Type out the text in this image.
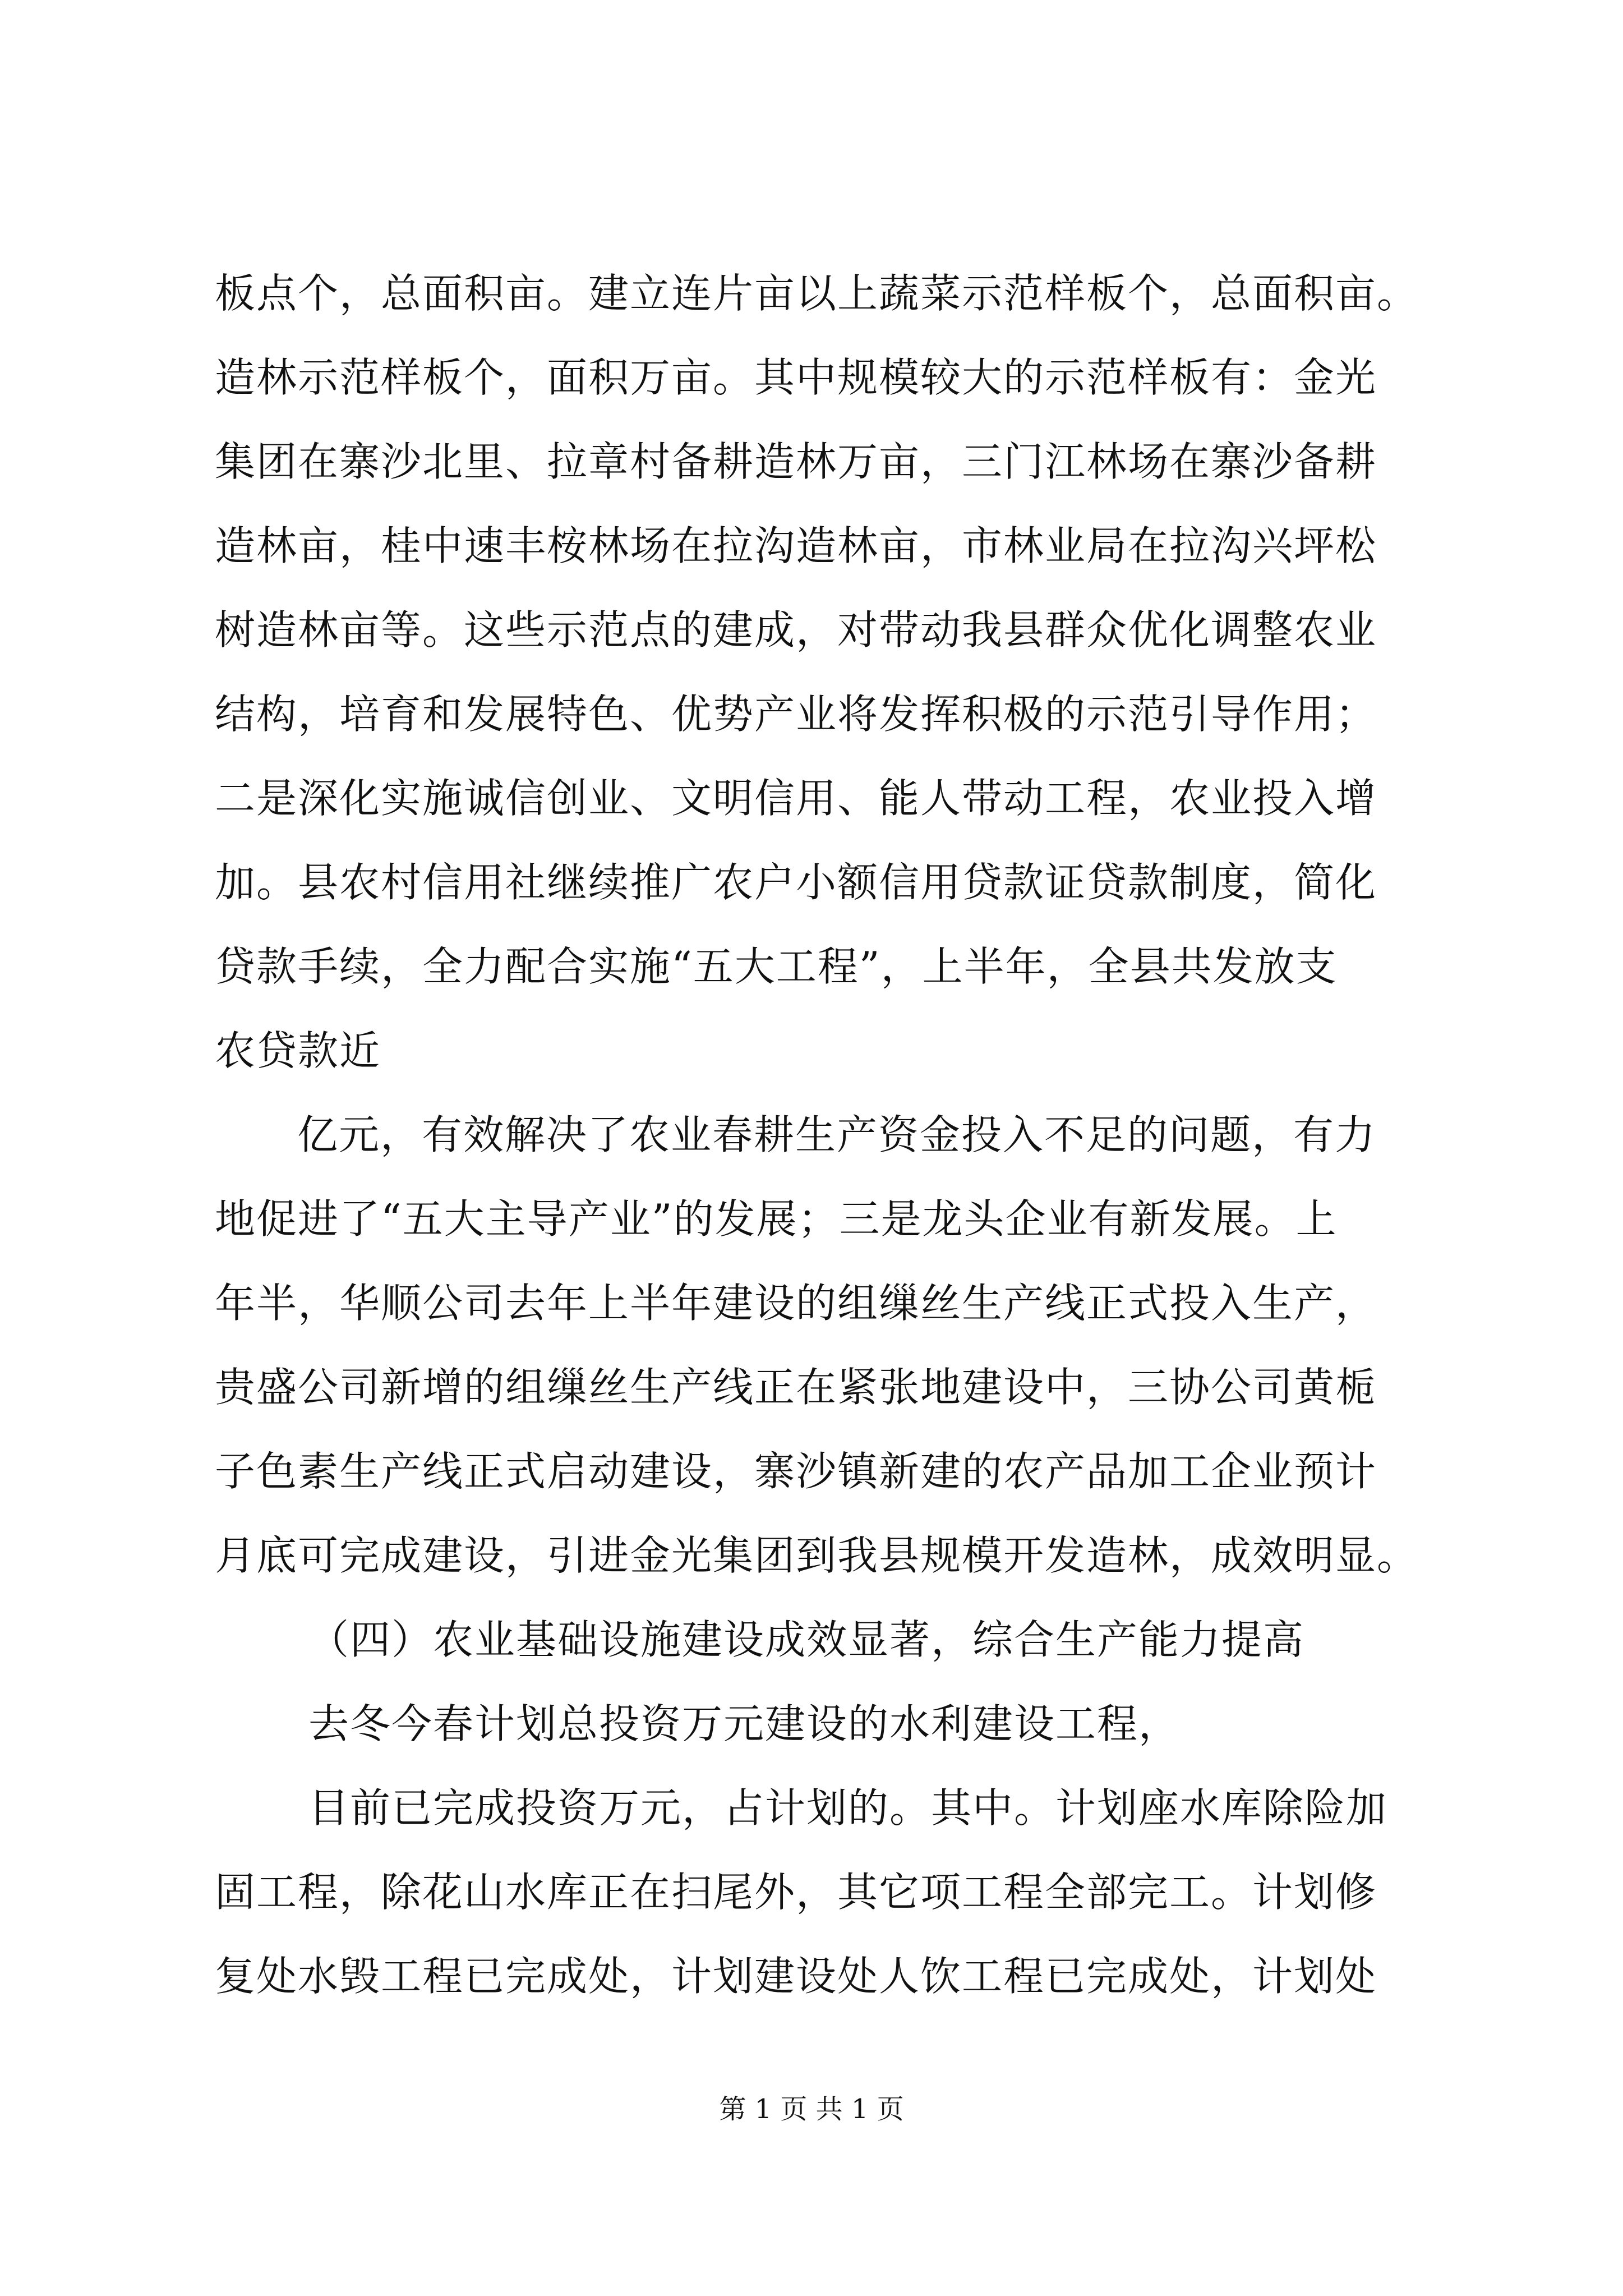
板点个，总面积亩。建立连片亩以上蔬菜示范样板个，总面积亩。
造林示范样板个，面积万亩。其中规模较大的示范样板有：金光
集团在寨沙北里、拉章村备耕造林万亩，三门江林场在寨沙备耕
造林亩，桂中速丰桉林场在拉沟造林亩，市林业局在拉沟兴坪松
树造林亩等。这些示范点的建成，对带动我县群众优化调整农业
结构，培育和发展特色、优势产业将发挥积极的示范引导作用；
二是深化实施诚信创业、文明信用、能人带动工程，农业投入增
加。县农村信用社继续推广农户小额信用贷款证贷款制度，简化
贷款手续，全力配合实施“五大工程”，上半年，全县共发放支
农贷款近
亿元，有效解决了农业春耕生产资金投入不足的问题，有力
地促进了“五大主导产业”的发展；三是龙头企业有新发展。上
年半，华顺公司去年上半年建设的组缫丝生产线正式投入生产，
贵盛公司新增的组缫丝生产线正在紧张地建设中，三协公司黄栀
子色素生产线正式启动建设，寨沙镇新建的农产品加工企业预计
月底可完成建设，引进金光集团到我县规模开发造林，成效明显。
（四）农业基础设施建设成效显著，综合生产能力提高
去冬今春计划总投资万元建设的水利建设工程，
目前已完成投资万元，占计划的。其中。计划座水库除险加
固工程，除花山水库正在扫尾外，其它项工程全部完工。计划修
复处水毁工程已完成处，计划建设处人饮工程已完成处，计划处
第 1 页 共 1 页
